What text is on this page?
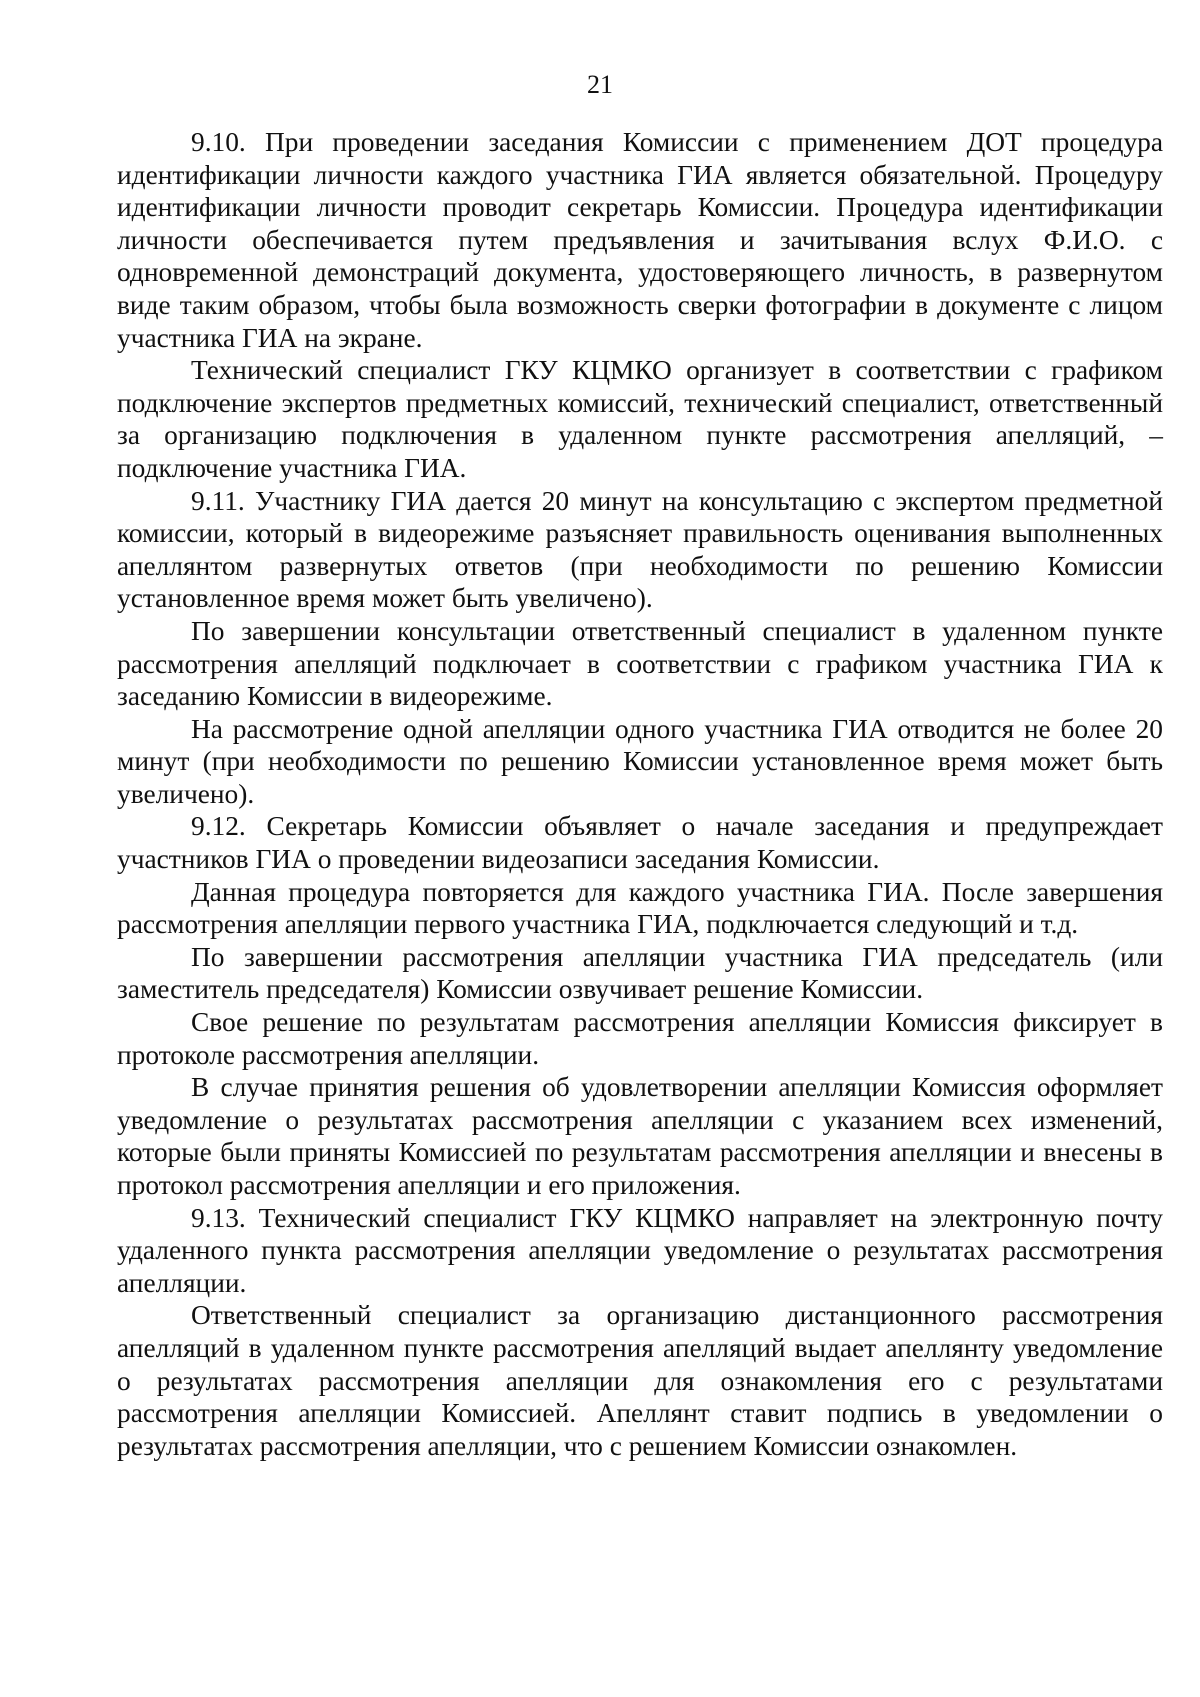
21

9.10. При проведении заседания Комиссии с применением ДОТ процедура идентификации личности каждого участника ГИА является обязательной. Процедуру идентификации личности проводит секретарь Комиссии. Процедура идентификации личности обеспечивается путем предъявления и зачитывания вслух Ф.И.О. с одновременной демонстраций документа, удостоверяющего личность, в развернутом виде таким образом, чтобы была возможность сверки фотографии в документе с лицом участника ГИА на экране.

Технический специалист ГКУ КЦМКО организует в соответствии с графиком подключение экспертов предметных комиссий, технический специалист, ответственный за организацию подключения в удаленном пункте рассмотрения апелляций, – подключение участника ГИА.

9.11. Участнику ГИА дается 20 минут на консультацию с экспертом предметной комиссии, который в видеорежиме разъясняет правильность оценивания выполненных апеллянтом развернутых ответов (при необходимости по решению Комиссии установленное время может быть увеличено).

По завершении консультации ответственный специалист в удаленном пункте рассмотрения апелляций подключает в соответствии с графиком участника ГИА к заседанию Комиссии в видеорежиме.

На рассмотрение одной апелляции одного участника ГИА отводится не более 20 минут (при необходимости по решению Комиссии установленное время может быть увеличено).

9.12. Секретарь Комиссии объявляет о начале заседания и предупреждает участников ГИА о проведении видеозаписи заседания Комиссии.

Данная процедура повторяется для каждого участника ГИА. После завершения рассмотрения апелляции первого участника ГИА, подключается следующий и т.д.

По завершении рассмотрения апелляции участника ГИА председатель (или заместитель председателя) Комиссии озвучивает решение Комиссии.

Свое решение по результатам рассмотрения апелляции Комиссия фиксирует в протоколе рассмотрения апелляции.

В случае принятия решения об удовлетворении апелляции Комиссия оформляет уведомление о результатах рассмотрения апелляции с указанием всех изменений, которые были приняты Комиссией по результатам рассмотрения апелляции и внесены в протокол рассмотрения апелляции и его приложения.

9.13. Технический специалист ГКУ КЦМКО направляет на электронную почту удаленного пункта рассмотрения апелляции уведомление о результатах рассмотрения апелляции.

Ответственный специалист за организацию дистанционного рассмотрения апелляций в удаленном пункте рассмотрения апелляций выдает апеллянту уведомление о результатах рассмотрения апелляции для ознакомления его с результатами рассмотрения апелляции Комиссией. Апеллянт ставит подпись в уведомлении о результатах рассмотрения апелляции, что с решением Комиссии ознакомлен.
